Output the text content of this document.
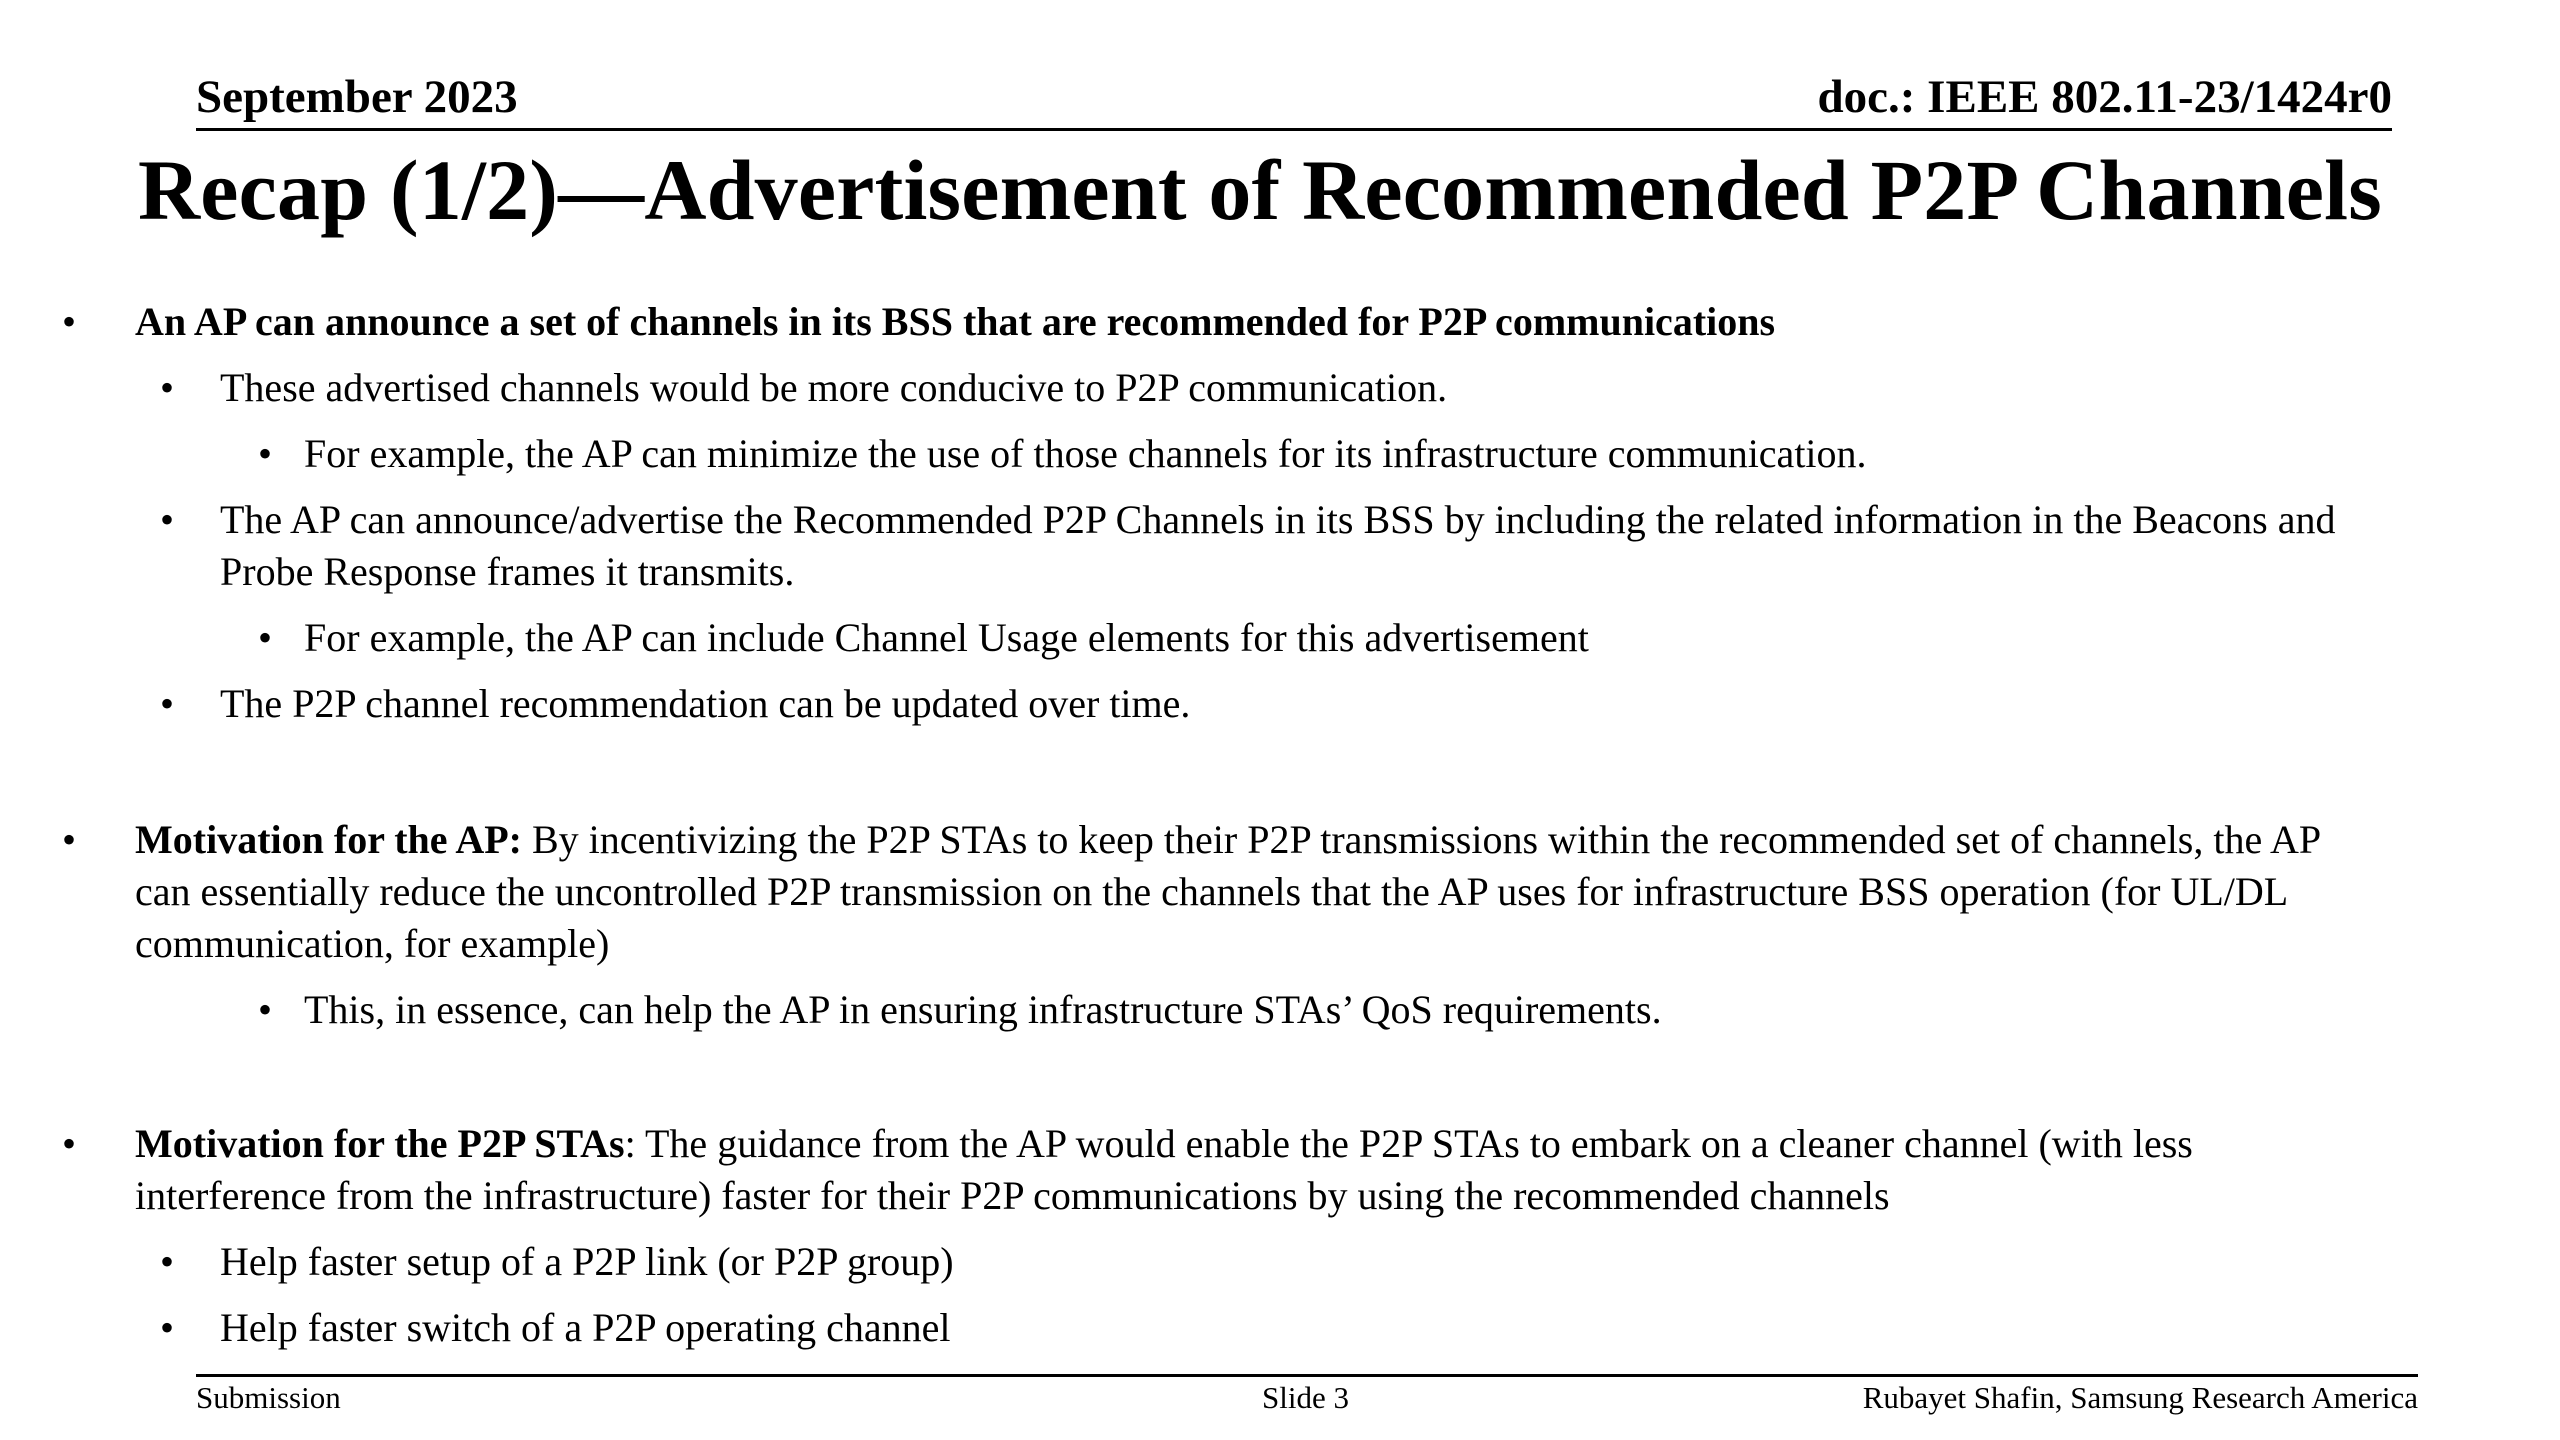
September 2023	doc.: IEEE 802.11-23/1424r0
Recap (1/2)—Advertisement of Recommended P2P Channels
• An AP can announce a set of channels in its BSS that are recommended for P2P communications
• These advertised channels would be more conducive to P2P communication.
• For example, the AP can minimize the use of those channels for its infrastructure communication.
• The AP can announce/advertise the Recommended P2P Channels in its BSS by including the related information in the Beacons and
Probe Response frames it transmits.
• For example, the AP can include Channel Usage elements for this advertisement
• The P2P channel recommendation can be updated over time.
• Motivation for the AP: By incentivizing the P2P STAs to keep their P2P transmissions within the recommended set of channels, the AP
can essentially reduce the uncontrolled P2P transmission on the channels that the AP uses for infrastructure BSS operation (for UL/DL
communication, for example)
• This, in essence, can help the AP in ensuring infrastructure STAs’ QoS requirements.
• Motivation for the P2P STAs: The guidance from the AP would enable the P2P STAs to embark on a cleaner channel (with less
interference from the infrastructure) faster for their P2P communications by using the recommended channels
• Help faster setup of a P2P link (or P2P group)
• Help faster switch of a P2P operating channel
Submission	Slide 3	Rubayet Shafin, Samsung Research America
